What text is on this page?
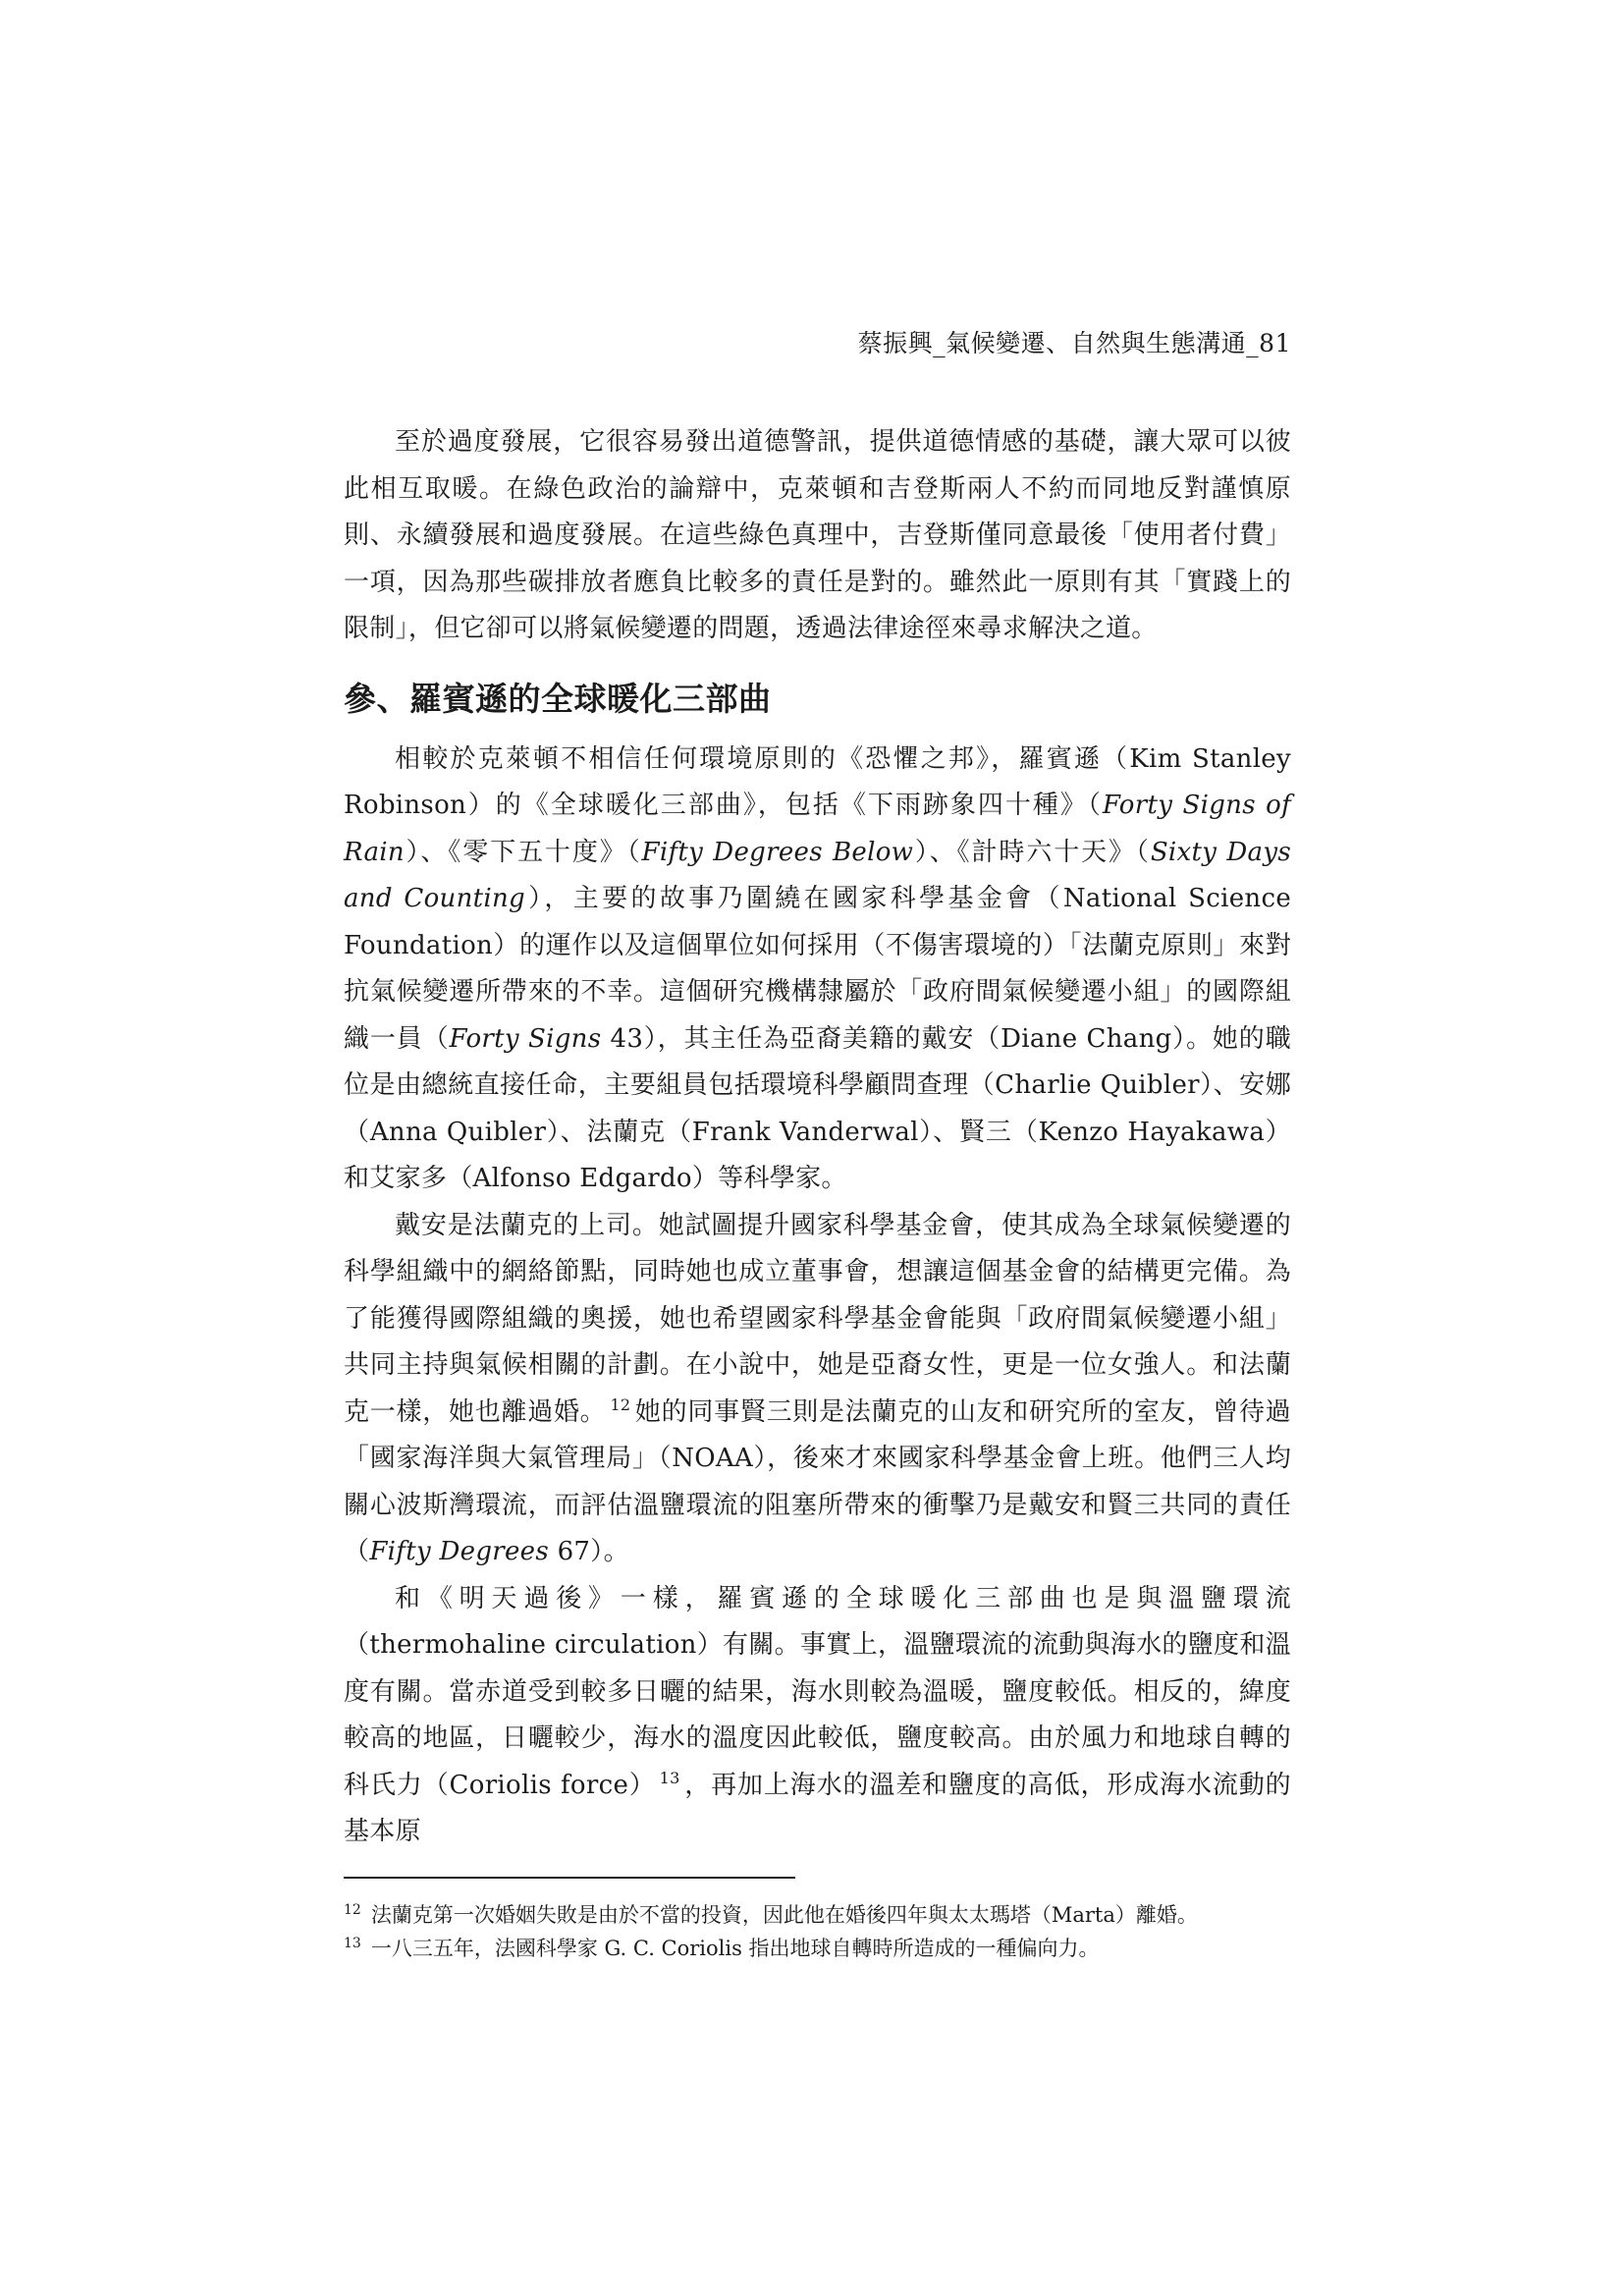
蔡振興_氣候變遷、自然與生態溝通_81

至於過度發展，它很容易發出道德警訊，提供道德情感的基礎，讓大眾可以彼此相互取暖。在綠色政治的論辯中，克萊頓和吉登斯兩人不約而同地反對謹慎原則、永續發展和過度發展。在這些綠色真理中，吉登斯僅同意最後「使用者付費」一項，因為那些碳排放者應負比較多的責任是對的。雖然此一原則有其「實踐上的限制」，但它卻可以將氣候變遷的問題，透過法律途徑來尋求解決之道。

參、羅賓遜的全球暖化三部曲

相較於克萊頓不相信任何環境原則的《恐懼之邦》，羅賓遜（Kim Stanley Robinson）的《全球暖化三部曲》，包括《下雨跡象四十種》（Forty Signs of Rain）、《零下五十度》（Fifty Degrees Below）、《計時六十天》（Sixty Days and Counting），主要的故事乃圍繞在國家科學基金會（National Science Foundation）的運作以及這個單位如何採用（不傷害環境的）「法蘭克原則」來對抗氣候變遷所帶來的不幸。這個研究機構隸屬於「政府間氣候變遷小組」的國際組織一員（Forty Signs 43），其主任為亞裔美籍的戴安（Diane Chang）。她的職位是由總統直接任命，主要組員包括環境科學顧問查理（Charlie Quibler）、安娜（Anna Quibler）、法蘭克（Frank Vanderwal）、賢三（Kenzo Hayakawa）和艾家多（Alfonso Edgardo）等科學家。

戴安是法蘭克的上司。她試圖提升國家科學基金會，使其成為全球氣候變遷的科學組織中的網絡節點，同時她也成立董事會，想讓這個基金會的結構更完備。為了能獲得國際組織的奧援，她也希望國家科學基金會能與「政府間氣候變遷小組」共同主持與氣候相關的計劃。在小說中，她是亞裔女性，更是一位女強人。和法蘭克一樣，她也離過婚。 $^{12}$ 她的同事賢三則是法蘭克的山友和研究所的室友，曾待過「國家海洋與大氣管理局」（NOAA），後來才來國家科學基金會上班。他們三人均關心波斯灣環流，而評估溫鹽環流的阻塞所帶來的衝擊乃是戴安和賢三共同的責任（Fifty Degrees 67）。

和《明天過後》一樣，羅賓遜的全球暖化三部曲也是與溫鹽環流（thermohaline circulation）有關。事實上，溫鹽環流的流動與海水的鹽度和溫度有關。當赤道受到較多日曬的結果，海水則較為溫暖，鹽度較低。相反的，緯度較高的地區，日曬較少，海水的溫度因此較低，鹽度較高。由於風力和地球自轉的科氏力（Coriolis force） $^{13}$ ，再加上海水的溫差和鹽度的高低，形成海水流動的基本原

$^{12}$ 法蘭克第一次婚姻失敗是由於不當的投資，因此他在婚後四年與太太瑪塔（Marta）離婚。

$^{13}$ 一八三五年，法國科學家 G. C. Coriolis 指出地球自轉時所造成的一種偏向力。
